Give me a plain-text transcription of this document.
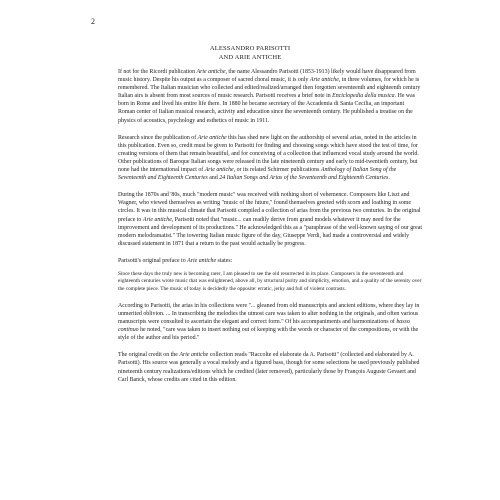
2
ALESSANDRO PARISOTTI
AND ARIE ANTICHE

If not for the Ricordi publication Arie antiche, the name Alessandro Parisotti (1853-1913) likely would have disappeared from music history. Despite his output as a composer of sacred choral music, it is only Arie antiche, in three volumes, for which he is remembered. The Italian musician who collected and edited/realized/arranged then forgotten seventeenth and eighteenth century Italian airs is absent from most sources of music research. Parisotti receives a brief note in Enciclopedia della musica. He was born in Rome and lived his entire life there. In 1880 he became secretary of the Accademia di Santa Cecilia, an important Roman center of Italian musical research, activity and education since the seventeenth century. He published a treatise on the physics of acoustics, psychology and esthetics of music in 1911.

Research since the publication of Arie antiche this has shed new light on the authorship of several arias, noted in the articles in this publication. Even so, credit must be given to Parisotti for finding and choosing songs which have stood the test of time, for creating versions of them that remain beautiful, and for conceiving of a collection that influenced vocal study around the world. Other publications of Baroque Italian songs were released in the late nineteenth century and early to mid-twentieth century, but none had the international impact of Arie antiche, or its related Schirmer publications Anthology of Italian Song of the Seventeenth and Eighteenth Centuries and 24 Italian Songs and Arias of the Seventeenth and Eighteenth Centuries.

During the 1870s and '80s, much "modern music" was received with nothing short of vehemence. Composers like Liszt and Wagner, who viewed themselves as writing "music of the future," found themselves greeted with scorn and loathing in some circles. It was in this musical climate that Parisotti compiled a collection of arias from the previous two centuries. In the original preface to Arie antiche, Parisotti noted that "music... can readily derive from grand models whatever it may need for the improvement and development of its productions." He acknowledged this as a "paraphrase of the well-known saying of our great modern melodramatist." The towering Italian music figure of the day, Giuseppe Verdi, had made a controversial and widely discussed statement in 1871 that a return to the past would actually be progress.

Parisotti's original preface to Arie antiche states:

Since these days the truly new is becoming rarer, I am pleased to see the old resurrected in its place. Composers in the seventeenth and eighteenth centuries wrote music that was enlightened, above all, by structural purity and simplicity, emotion, and a quality of the serenity over the complete piece. The music of today is decidedly the opposite: erratic, jerky and full of violent contrasts.

According to Parisotti, the arias in his collections were "... gleaned from old manuscripts and ancient editions, where they lay in unmerited oblivion. ... In transcribing the melodies the utmost care was taken to alter nothing in the originals, and often various manuscripts were consulted to ascertain the elegant and correct form." Of his accompaniments and harmonizations of basso continuo he noted, "care was taken to insert nothing out of keeping with the words or character of the compositions, or with the style of the author and his period."

The original credit on the Arie antiche collection reads "Raccolte ed elaborate da A. Parisotti" (collected and elaborated by A. Parisotti). His source was generally a vocal melody and a figured bass, though for some selections he used previously published nineteenth century realizations/editions which he credited (later removed), particularly those by François Auguste Gevaert and Carl Banck, whose credits are cited in this edition.
